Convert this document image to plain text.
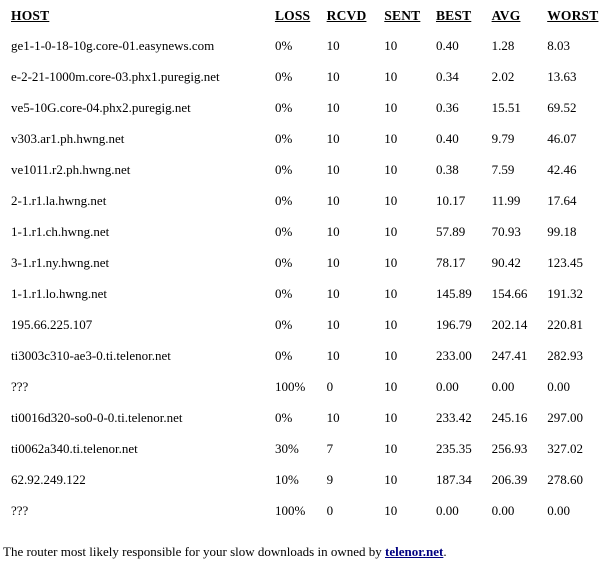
HOST	LOSS	RCVD	SENT	BEST	AVG	WORST
ge1-1-0-18-10g.core-01.easynews.com	0%	10	10	0.40	1.28	8.03
e-2-21-1000m.core-03.phx1.puregig.net	0%	10	10	0.34	2.02	13.63
ve5-10G.core-04.phx2.puregig.net	0%	10	10	0.36	15.51	69.52
v303.ar1.ph.hwng.net	0%	10	10	0.40	9.79	46.07
ve1011.r2.ph.hwng.net	0%	10	10	0.38	7.59	42.46
2-1.r1.la.hwng.net	0%	10	10	10.17	11.99	17.64
1-1.r1.ch.hwng.net	0%	10	10	57.89	70.93	99.18
3-1.r1.ny.hwng.net	0%	10	10	78.17	90.42	123.45
1-1.r1.lo.hwng.net	0%	10	10	145.89	154.66	191.32
195.66.225.107	0%	10	10	196.79	202.14	220.81
ti3003c310-ae3-0.ti.telenor.net	0%	10	10	233.00	247.41	282.93
???	100%	0	10	0.00	0.00	0.00
ti0016d320-so0-0-0.ti.telenor.net	0%	10	10	233.42	245.16	297.00
ti0062a340.ti.telenor.net	30%	7	10	235.35	256.93	327.02
62.92.249.122	10%	9	10	187.34	206.39	278.60
???	100%	0	10	0.00	0.00	0.00
The router most likely responsible for your slow downloads in owned by telenor.net.
